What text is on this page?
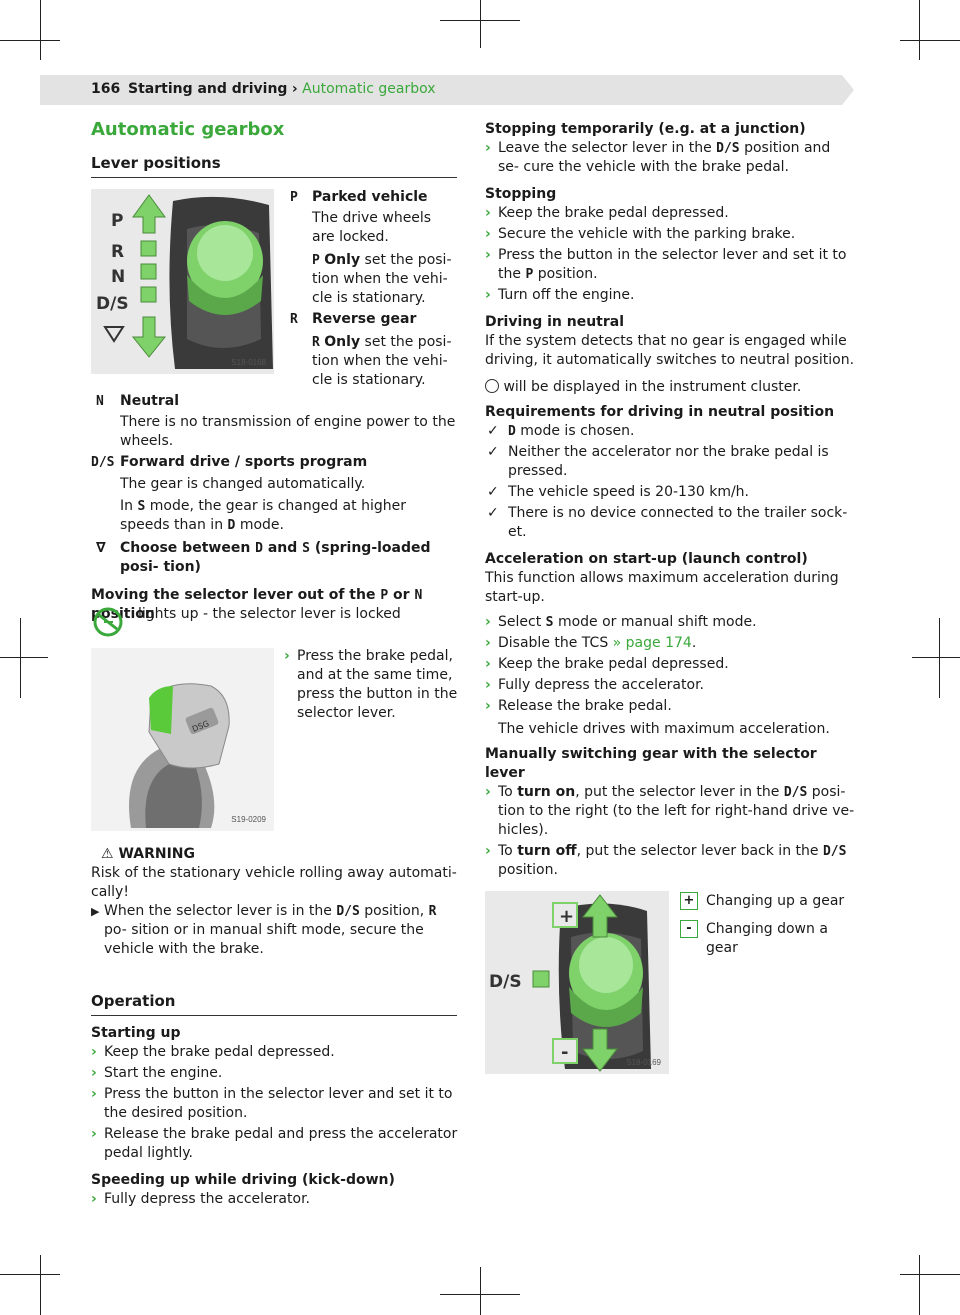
166 Starting and driving › Automatic gearbox
Automatic gearbox
Lever positions
P
R
N
D/S
S18-0168
P Parked vehicle
The drive wheels are locked.
P Only set the posi- tion when the vehi- cle is stationary.
R Reverse gear
R Only set the posi- tion when the vehi- cle is stationary.
N Neutral
There is no transmission of engine power to the wheels.
D/S Forward drive / sports program
The gear is changed automatically.
In S mode, the gear is changed at higher speeds than in D mode.
∇ Choose between D and S (spring-loaded posi- tion)
Moving the selector lever out of the P or N position
lights up - the selector lever is locked
DSG
S19-0209
› Press the brake pedal, and at the same time, press the button in the selector lever.
⚠ WARNING
Risk of the stationary vehicle rolling away automati- cally!
▶ When the selector lever is in the D/S position, R po- sition or in manual shift mode, secure the vehicle with the brake.
Operation
Starting up
› Keep the brake pedal depressed.
› Start the engine.
› Press the button in the selector lever and set it to the desired position.
› Release the brake pedal and press the accelerator pedal lightly.
Speeding up while driving (kick-down)
› Fully depress the accelerator.
Stopping temporarily (e.g. at a junction)
› Leave the selector lever in the D/S position and se- cure the vehicle with the brake pedal.
Stopping
› Keep the brake pedal depressed.
› Secure the vehicle with the parking brake.
› Press the button in the selector lever and set it to the P position.
› Turn off the engine.
Driving in neutral
If the system detects that no gear is engaged while driving, it automatically switches to neutral position.
will be displayed in the instrument cluster.
Requirements for driving in neutral position
✓ D mode is chosen.
✓ Neither the accelerator nor the brake pedal is pressed.
✓ The vehicle speed is 20-130 km/h.
✓ There is no device connected to the trailer sock- et.
Acceleration on start-up (launch control)
This function allows maximum acceleration during start-up.
› Select S mode or manual shift mode.
› Disable the TCS » page 174.
› Keep the brake pedal depressed.
› Fully depress the accelerator.
› Release the brake pedal.
The vehicle drives with maximum acceleration.
Manually switching gear with the selector lever
› To turn on, put the selector lever in the D/S posi- tion to the right (to the left for right-hand drive ve- hicles).
› To turn off, put the selector lever back in the D/S position.
+
-
D/S
S18-0169
+ Changing up a gear
-	Changing down a gear
